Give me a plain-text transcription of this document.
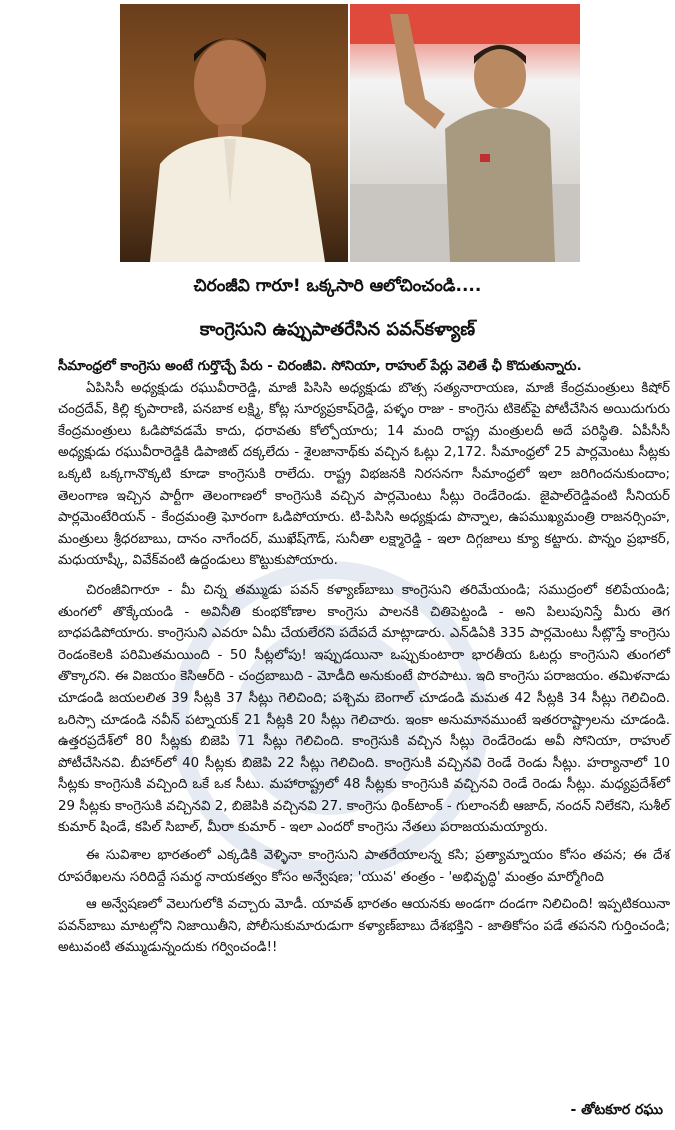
చిరంజీవి గారూ! ఒక్కసారి ఆలోచించండి....
కాంగ్రెసుని ఉప్పుపాతరేసిన పవన్‌కళ్యాణ్

సీమాంధ్రలో కాంగ్రెసు అంటే గుర్తొచ్చే పేరు - చిరంజీవి. సోనియా, రాహుల్ పేర్లు వెలితే ఛీ కొదుతున్నారు.

ఏపిసిసీ అధ్యక్షుడు రఘువీరారెడ్డి, మాజీ పిసిసి అధ్యక్షుడు బొత్స సత్యనారాయణ, మాజీ కేంద్రమంత్రులు కిషోర్ చంద్రదేవ్, కిల్లి కృపారాణి, పనబాక లక్ష్మి, కోట్ల సూర్యప్రకాష్‌రెడ్డి, పళ్ళం రాజు - కాంగ్రెసు టికెట్‌పై పోటీచేసిన అయిదుగురు కేంద్రమంత్రులు ఓడిపోవడమే కాదు, ధరావతు కోల్పోయారు; 14 మంది రాష్ట్ర మంత్రులదీ అదే పరిస్థితి. ఏపీసీసీ అధ్యక్షుడు రఘువీరారెడ్డికి డిపాజిట్ దక్కలేదు - శైలజానాథ్‌కు వచ్చిన ఓట్లు 2,172. సీమాంధ్రలో 25 పార్లమెంటు సీట్లకు ఒక్కటి ఒక్కగానొక్కటి కూడా కాంగ్రెసుకి రాలేదు. రాష్ట్ర విభజనకి నిరసనగా సీమాంధ్రలో ఇలా జరిగిందనుకుందాం; తెలంగాణ ఇచ్చిన పార్టీగా తెలంగాణలో కాంగ్రెసుకి వచ్చిన పార్లమెంటు సీట్లు రెండేరెండు. జైపాల్‌రెడ్డివంటి సీనియర్ పార్లమెంటేరియన్ - కేంద్రమంత్రి ఘోరంగా ఓడిపోయారు. టి-పిసిసి అధ్యక్షుడు పొన్నాల, ఉపముఖ్యమంత్రి రాజనర్సింహ, మంత్రులు శ్రీధరబాబు, దానం నాగేందర్, ముఖేష్‌గౌడ్, సునీతా లక్ష్మారెడ్డి - ఇలా దిగ్గజాలు క్యూ కట్టారు. పొన్నం ప్రభాకర్, మధుయాష్కీ, వివేక్‌వంటి ఉద్దండులు కొట్టుకుపోయారు.

చిరంజీవిగారూ - మీ చిన్న తమ్ముడు పవన్ కళ్యాణ్‌బాబు కాంగ్రెసుని తరిమేయండి; సముద్రంలో కలిపేయండి; తుంగలో తొక్కేయండి - అవినీతి కుంభకోణాల కాంగ్రెసు పాలనకి చితిపెట్టండి - అని పిలుపునిస్తే మీరు తెగ బాధపడిపోయారు. కాంగ్రెసుని ఎవరూ ఏమీ చేయలేరని పదేపదే మాట్లాడారు. ఎన్‌డిఏకి 335 పార్లమెంటు సీట్లొస్తే కాంగ్రెసు రెండంకెలకి పరిమితమయింది - 50 సీట్లలోపు! ఇప్పుడయినా ఒప్పుకుంటారా భారతీయ ఓటర్లు కాంగ్రెసుని తుంగలో తొక్కారని. ఈ విజయం కెసిఆర్‌ది - చంద్రబాబుది - మోడీది అనుకుంటే పొరపాటు. ఇది కాంగ్రెసు పరాజయం. తమిళనాడు చూడండి జయలలిత 39 సీట్లకి 37 సీట్లు గెలిచింది; పశ్చిమ బెంగాల్ చూడండి మమత 42 సీట్లకి 34 సీట్లు గెలిచింది. ఒరిస్సా చూడండి నవీన్ పట్నాయక్ 21 సీట్లకి 20 సీట్లు గెలిచారు. ఇంకా అనుమానముంటే ఇతరరాష్ట్రాలను చూడండి. ఉత్తరప్రదేశ్‌లో 80 సీట్లకు బిజెపి 71 సీట్లు గెలిచింది. కాంగ్రెసుకి వచ్చిన సీట్లు రెండేరెండు అవీ సోనియా, రాహుల్ పోటీచేసినవి. బీహార్‌లో 40 సీట్లకు బిజెపి 22 సీట్లు గెలిచింది. కాంగ్రెసుకి వచ్చినవి రెండే రెండు సీట్లు. హర్యానాలో 10 సీట్లకు కాంగ్రెసుకి వచ్చింది ఒకే ఒక సీటు. మహారాష్ట్రలో 48 సీట్లకు కాంగ్రెసుకి వచ్చినవి రెండే రెండు సీట్లు. మధ్యప్రదేశ్‌లో 29 సీట్లకు కాంగ్రెసుకి వచ్చినవి 2, బిజెపికి వచ్చినవి 27. కాంగ్రెసు థింక్‌టాంక్ - గులాంనబీ ఆజాద్, నందన్ నిలేకని, సుశీల్ కుమార్ షిండే, కపిల్ సిబాల్, మీరా కుమార్ - ఇలా ఎందరో కాంగ్రెసు నేతలు పరాజయమయ్యారు.

ఈ సువిశాల భారతంలో ఎక్కడికి వెళ్ళినా కాంగ్రెసుని పాతరేయాలన్న కసి; ప్రత్యామ్నాయం కోసం తపన; ఈ దేశ రూపరేఖలను సరిదిద్దే సమర్థ నాయకత్వం కోసం అన్వేషణ; 'యువ' తంత్రం - 'అభివృద్ధి' మంత్రం మార్మోగింది

ఆ అన్వేషణలో వెలుగులోకి వచ్చారు మోడీ. యావత్ భారతం ఆయనకు అండగా దండగా నిలిచింది! ఇప్పటికయినా పవన్‌బాబు మాటల్లోని నిజాయితీని, పోలీసుకుమారుడుగా కళ్యాణ్‌బాబు దేశభక్తిని - జాతికోసం పడే తపనని గుర్తించండి; అటువంటి తమ్ముడున్నందుకు గర్వించండి!!

- తోటకూర రఘు
